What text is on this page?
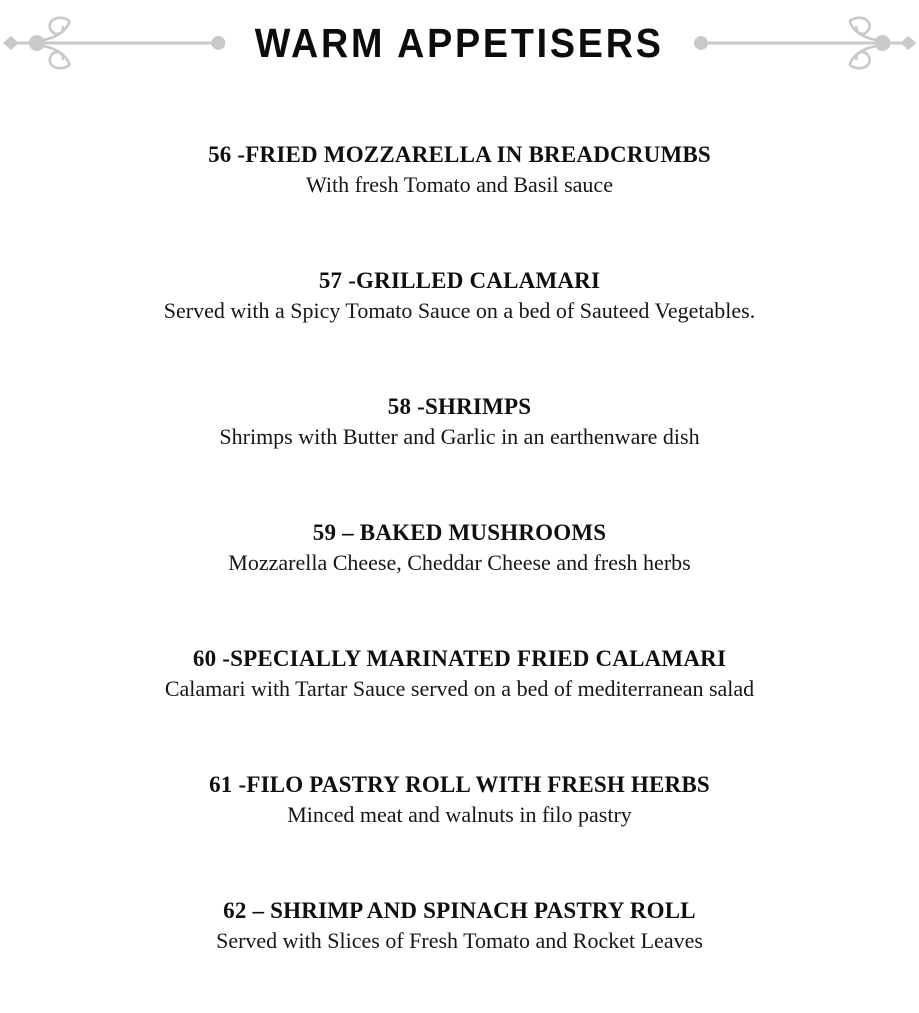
WARM APPETISERS
56 -FRIED MOZZARELLA IN BREADCRUMBS

With fresh Tomato and Basil sauce

57 -GRILLED CALAMARI

Served with a Spicy Tomato Sauce on a bed of Sauteed Vegetables.

58 -SHRIMPS

Shrimps with Butter and Garlic in an earthenware dish

59 – BAKED MUSHROOMS

Mozzarella Cheese, Cheddar Cheese and fresh herbs

60 -SPECIALLY MARINATED FRIED CALAMARI

Calamari with Tartar Sauce served on a bed of mediterranean salad

61 -FILO PASTRY ROLL WITH FRESH HERBS

Minced meat and walnuts in filo pastry

62 – SHRIMP AND SPINACH PASTRY ROLL

Served with Slices of Fresh Tomato and Rocket Leaves
